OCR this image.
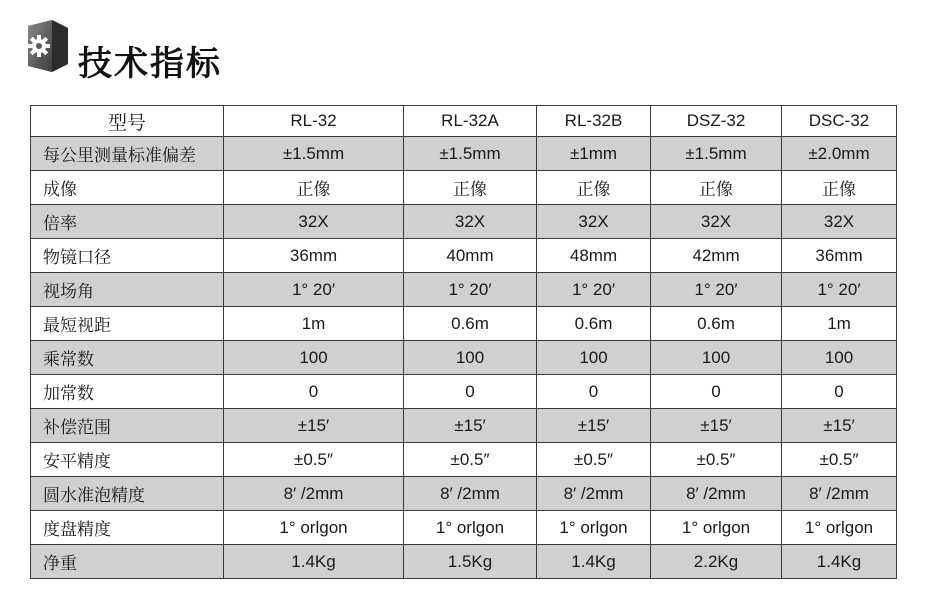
技术指标
型号	RL-32	RL-32A	RL-32B	DSZ-32	DSC-32
每公里测量标准偏差	±1.5mm	±1.5mm	±1mm	±1.5mm	±2.0mm
成像	正像	正像	正像	正像	正像
倍率	32X	32X	32X	32X	32X
物镜口径	36mm	40mm	48mm	42mm	36mm
视场角	1° 20′	1° 20′	1° 20′	1° 20′	1° 20′
最短视距	1m	0.6m	0.6m	0.6m	1m
乘常数	100	100	100	100	100
加常数	0	0	0	0	0
补偿范围	±15′	±15′	±15′	±15′	±15′
安平精度	±0.5″	±0.5″	±0.5″	±0.5″	±0.5″
圆水准泡精度	8′ /2mm	8′ /2mm	8′ /2mm	8′ /2mm	8′ /2mm
度盘精度	1° orlgon	1° orlgon	1° orlgon	1° orlgon	1° orlgon
净重	1.4Kg	1.5Kg	1.4Kg	2.2Kg	1.4Kg
